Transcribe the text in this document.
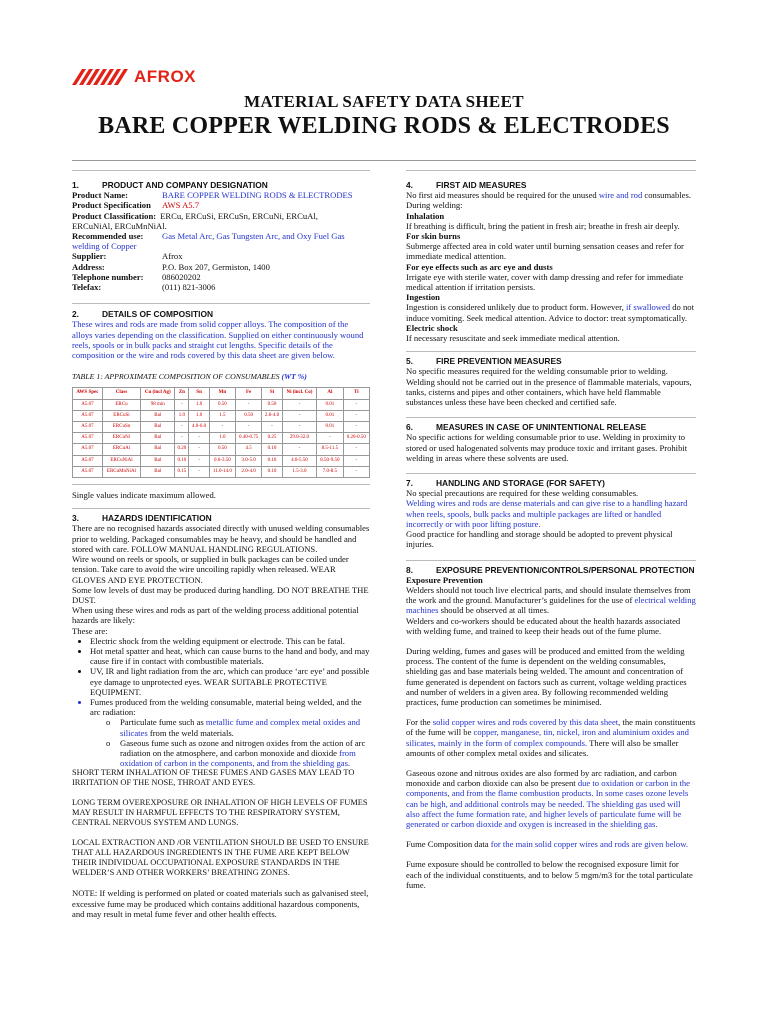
AFROX
MATERIAL SAFETY DATA SHEET
BARE COPPER WELDING RODS & ELECTRODES

1.	PRODUCT AND COMPANY DESIGNATION

Product Name:	BARE COPPER WELDING RODS & ELECTRODES
Product Specification	AWS A5.7
Product Classification: ERCu, ERCuSi, ERCuSn, ERCuNi, ERCuAl,

ERCuNiAl, ERCuMnNiAl.

Recommended use:	Gas Metal Arc, Gas Tungsten Arc, and Oxy Fuel Gas

welding of Copper

Supplier:	Afrox
Address:	P.O. Box 207, Germiston, 1400
Telephone number:	086020202
Telefax:	(011) 821-3006

2.	DETAILS OF COMPOSITION

These wires and rods are made from solid copper alloys. The composition of the alloys varies depending on the classification. Supplied on either continuously wound reels, spools or in bulk packs and straight cut lengths. Specific details of the composition or the wire and rods covered by this data sheet are given below.

TABLE 1: APPROXIMATE COMPOSITION OF CONSUMABLES (WT %)

AWS Spec	Class	Cu (incl Ag)	Zn	Sn	Mn	Fe	Si	Ni (incl. Co)	Al	Ti
A5.07	ERCu	98 min	-	1.0	0.50	-	0.50	-	0.01	-
A5.07	ERCuSi	Bal	1.0	1.0	1.5	0.50	2.8-4.0	-	0.01	-
A5.07	ERCuSn	Bal	-	4.0-6.0	-	-	-	-	0.01	-
A5.07	ERCuNi	Bal	-	-	1.0	0.40-0.75	0.25	29.0-32.0	-	0.20-0.50
A5.07	ERCuAl	Bal	0.20	-	0.50	4.5	0.10	-	8.5-11.5	-
A5.07	ERCuNiAl	Bal	0.10	-	0.6-3.50	3.0-5.0	0.10	4.0-5.50	8.50-9.50	-
A5.07	ERCuMnNiAl	Bal	0.15	-	11.0-14.0	2.0-4.0	0.10	1.5-3.0	7.0-8.5	-

Single values indicate maximum allowed.

3.	HAZARDS IDENTIFICATION

There are no recognised hazards associated directly with unused welding consumables prior to welding. Packaged consumables may be heavy, and should be handled and stored with care. FOLLOW MANUAL HANDLING REGULATIONS.

Wire wound on reels or spools, or supplied in bulk packages can be coiled under tension. Take care to avoid the wire uncoiling rapidly when released. WEAR GLOVES AND EYE PROTECTION.

Some low levels of dust may be produced during handling. DO NOT BREATHE THE DUST.

When using these wires and rods as part of the welding process additional potential hazards are likely:

These are:

• Electric shock from the welding equipment or electrode. This can be fatal.
• Hot metal spatter and heat, which can cause burns to the hand and body, and may cause fire if in contact with combustible materials.
• UV, IR and light radiation from the arc, which can produce ‘arc eye’ and possible eye damage to unprotected eyes. WEAR SUITABLE PROTECTIVE EQUIPMENT.
• Fumes produced from the welding consumable, material being welded, and the arc radiation:
o Particulate fume such as metallic fume and complex metal oxides and silicates from the weld materials.
o Gaseous fume such as ozone and nitrogen oxides from the action of arc radiation on the atmosphere, and carbon monoxide and dioxide from oxidation of carbon in the components, and from the shielding gas.

SHORT TERM INHALATION OF THESE FUMES AND GASES MAY LEAD TO IRRITATION OF THE NOSE, THROAT AND EYES.

LONG TERM OVEREXPOSURE OR INHALATION OF HIGH LEVELS OF FUMES MAY RESULT IN HARMFUL EFFECTS TO THE RESPIRATORY SYSTEM, CENTRAL NERVOUS SYSTEM AND LUNGS.

LOCAL EXTRACTION AND /OR VENTILATION SHOULD BE USED TO ENSURE THAT ALL HAZARDOUS INGREDIENTS IN THE FUME ARE KEPT BELOW THEIR INDIVIDUAL OCCUPATIONAL EXPOSURE STANDARDS IN THE WELDER’S AND OTHER WORKERS’ BREATHING ZONES.

NOTE: If welding is performed on plated or coated materials such as galvanised steel, excessive fume may be produced which contains additional hazardous components, and may result in metal fume fever and other health effects.

4.	FIRST AID MEASURES

No first aid measures should be required for the unused wire and rod consumables. During welding:

Inhalation

If breathing is difficult, bring the patient in fresh air; breathe in fresh air deeply.

For skin burns

Submerge affected area in cold water until burning sensation ceases and refer for immediate medical attention.

For eye effects such as arc eye and dusts

Irrigate eye with sterile water, cover with damp dressing and refer for immediate medical attention if irritation persists.

Ingestion

Ingestion is considered unlikely due to product form. However, if swallowed do not induce vomiting. Seek medical attention. Advice to doctor: treat symptomatically.

Electric shock

If necessary resuscitate and seek immediate medical attention.

5.	FIRE PREVENTION MEASURES

No specific measures required for the welding consumable prior to welding. Welding should not be carried out in the presence of flammable materials, vapours, tanks, cisterns and pipes and other containers, which have held flammable substances unless these have been checked and certified safe.

6.	MEASURES IN CASE OF UNINTENTIONAL RELEASE

No specific actions for welding consumable prior to use. Welding in proximity to stored or used halogenated solvents may produce toxic and irritant gases. Prohibit welding in areas where these solvents are used.

7.	HANDLING AND STORAGE (FOR SAFETY)

No special precautions are required for these welding consumables.

Welding wires and rods are dense materials and can give rise to a handling hazard when reels, spools, bulk packs and multiple packages are lifted or handled incorrectly or with poor lifting posture.

Good practice for handling and storage should be adopted to prevent physical injuries.

8.	EXPOSURE PREVENTION/CONTROLS/PERSONAL PROTECTION

Exposure Prevention

Welders should not touch live electrical parts, and should insulate themselves from the work and the ground. Manufacturer’s guidelines for the use of electrical welding machines should be observed at all times.

Welders and co-workers should be educated about the health hazards associated with welding fume, and trained to keep their heads out of the fume plume.

During welding, fumes and gases will be produced and emitted from the welding process. The content of the fume is dependent on the welding consumables, shielding gas and base materials being welded. The amount and concentration of fume generated is dependent on factors such as current, voltage welding practices and number of welders in a given area. By following recommended welding practices, fume production can sometimes be minimised.

For the solid copper wires and rods covered by this data sheet, the main constituents of the fume will be copper, manganese, tin, nickel, iron and aluminium oxides and silicates, mainly in the form of complex compounds. There will also be smaller amounts of other complex metal oxides and silicates.

Gaseous ozone and nitrous oxides are also formed by arc radiation, and carbon monoxide and carbon dioxide can also be present due to oxidation or carbon in the components, and from the flame combustion products. In some cases ozone levels can be high, and additional controls may be needed. The shielding gas used will also affect the fume formation rate, and higher levels of particulate fume will be generated or carbon dioxide and oxygen is increased in the shielding gas.

Fume Composition data for the main solid copper wires and rods are given below.

Fume exposure should be controlled to below the recognised exposure limit for each of the individual constituents, and to below 5 mgm/m3 for the total particulate fume.
